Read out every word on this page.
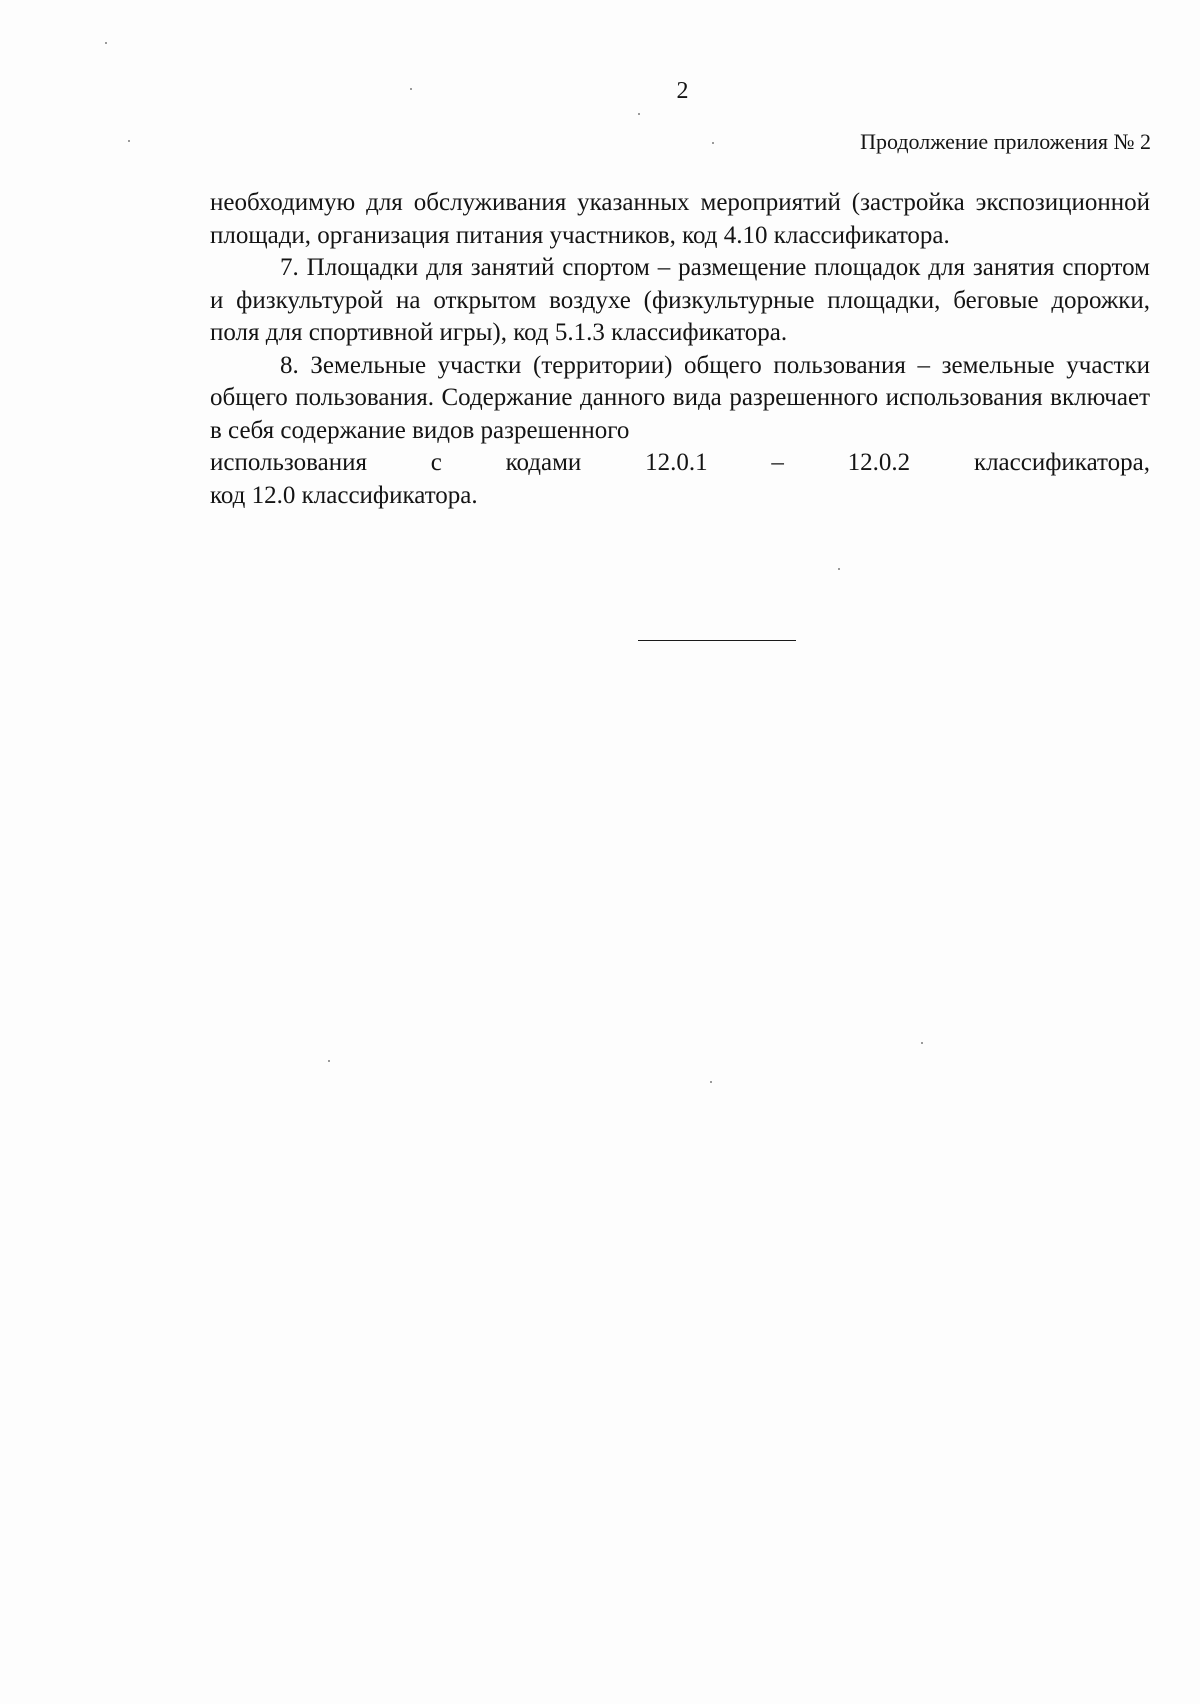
2
Продолжение приложения № 2

необходимую для обслуживания указанных мероприятий (застройка экспозиционной площади, организация питания участников, код 4.10 классификатора.

7. Площадки для занятий спортом – размещение площадок для занятия спортом и физкультурой на открытом воздухе (физкультурные площадки, беговые дорожки, поля для спортивной игры), код 5.1.3 классификатора.

8. Земельные участки (территории) общего пользования – земельные участки общего пользования. Содержание данного вида разрешенного использования включает в себя содержание видов разрешенного

использования	с	кодами	12.0.1	–	12.0.2	классификатора,

код 12.0 классификатора.
